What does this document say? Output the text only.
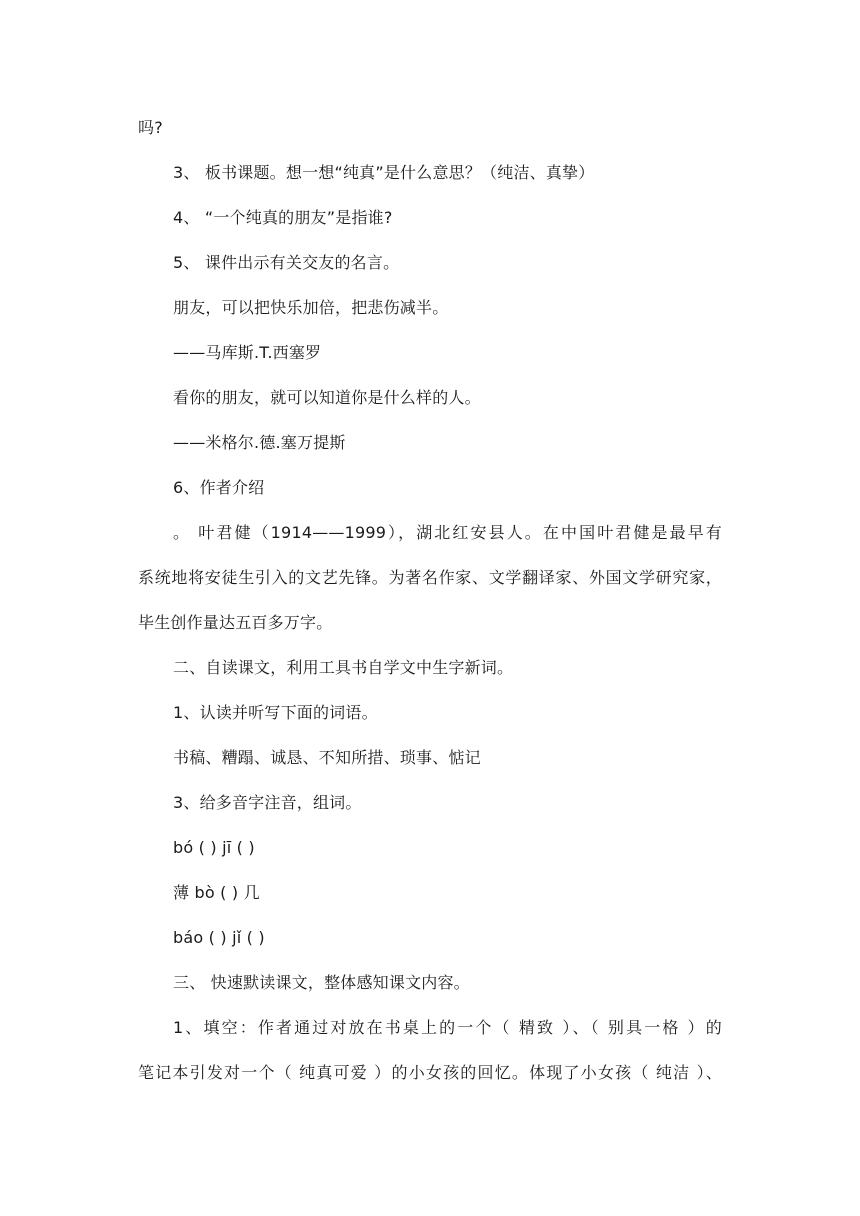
吗?
3、 板书课题。想一想“纯真”是什么意思？（纯洁、真挚）
4、 “一个纯真的朋友”是指谁?
5、 课件出示有关交友的名言。
朋友，可以把快乐加倍，把悲伤减半。
——马库斯.T.西塞罗
看你的朋友，就可以知道你是什么样的人。
——米格尔.德.塞万提斯
6、作者介绍
。 叶君健（1914——1999），湖北红安县人。在中国叶君健是最早有
系统地将安徒生引入的文艺先锋。为著名作家、文学翻译家、外国文学研究家，
毕生创作量达五百多万字。
二、自读课文，利用工具书自学文中生字新词。
1、认读并听写下面的词语。
书稿、糟蹋、诚恳、不知所措、琐事、惦记
3、给多音字注音，组词。
bó ( ) jī ( )
薄 bò ( ) 几
báo ( ) jǐ ( )
三、 快速默读课文，整体感知课文内容。
1、填空：作者通过对放在书桌上的一个（ 精致 ）、（ 别具一格 ）的
笔记本引发对一个（ 纯真可爱 ）的小女孩的回忆。体现了小女孩（ 纯洁 ）、
